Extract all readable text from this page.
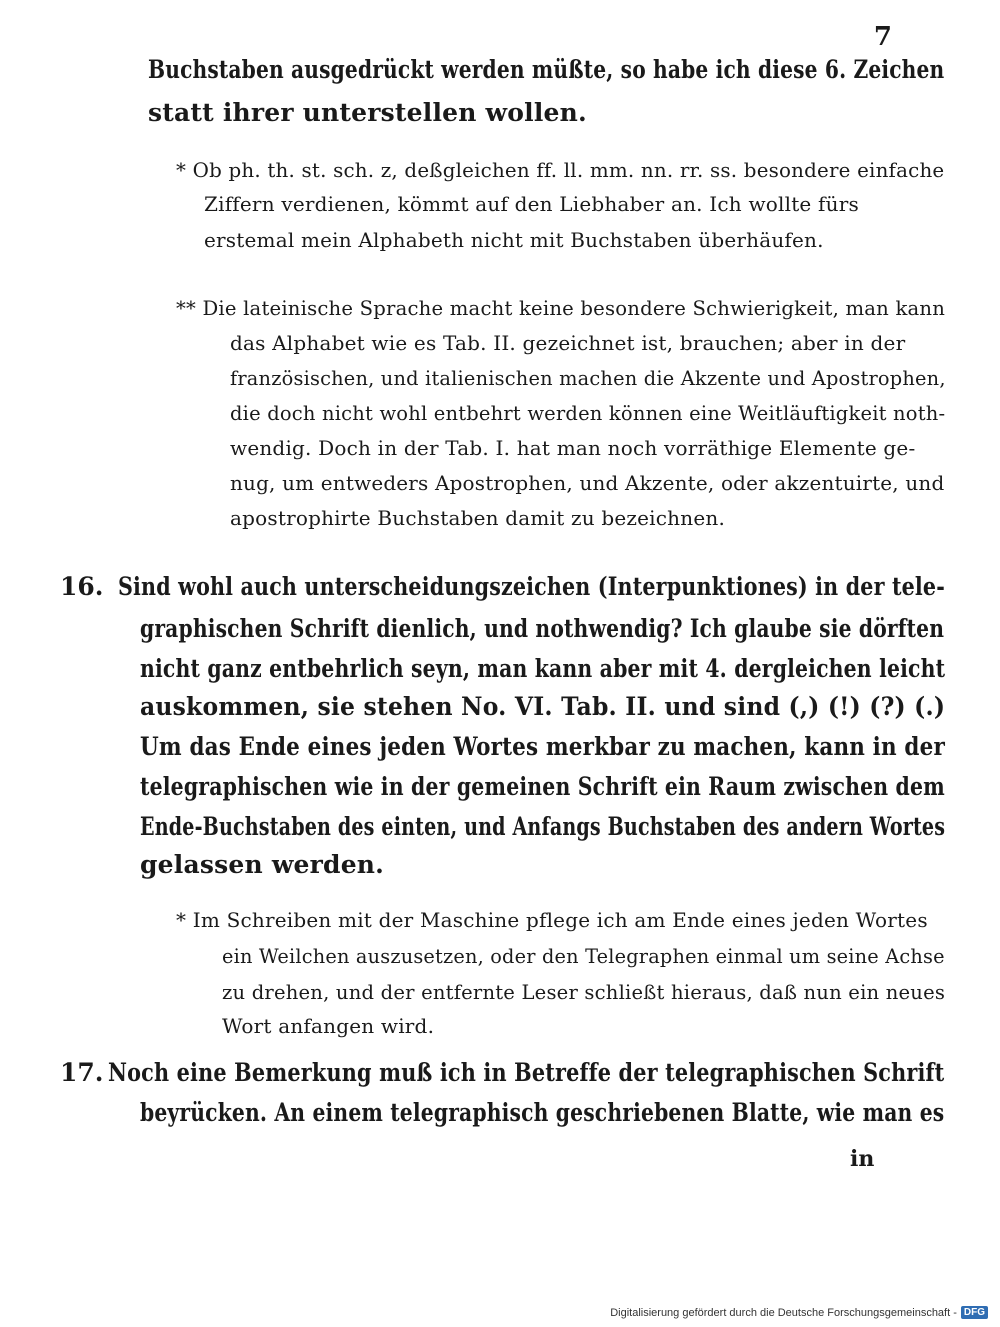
7
Buchstaben ausgedrückt werden müßte, so habe ich diese 6. Zeichen
statt ihrer unterstellen wollen.
* Ob ph. th. st. sch. z, deßgleichen ff. ll. mm. nn. rr. ss. besondere einfache
Ziffern verdienen, kömmt auf den Liebhaber an. Ich wollte fürs
erstemal mein Alphabeth nicht mit Buchstaben überhäufen.
** Die lateinische Sprache macht keine besondere Schwierigkeit, man kann
das Alphabet wie es Tab. II. gezeichnet ist, brauchen; aber in der
französischen, und italienischen machen die Akzente und Apostrophen,
die doch nicht wohl entbehrt werden können eine Weitläuftigkeit noth-
wendig. Doch in der Tab. I. hat man noch vorräthige Elemente ge-
nug, um entweders Apostrophen, und Akzente, oder akzentuirte, und
apostrophirte Buchstaben damit zu bezeichnen.
16. Sind wohl auch unterscheidungszeichen (Interpunktiones) in der tele-
graphischen Schrift dienlich, und nothwendig? Ich glaube sie dörften
nicht ganz entbehrlich seyn, man kann aber mit 4. dergleichen leicht
auskommen, sie stehen No. VI. Tab. II. und sind (,) (!) (?) (.)
Um das Ende eines jeden Wortes merkbar zu machen, kann in der
telegraphischen wie in der gemeinen Schrift ein Raum zwischen dem
Ende-Buchstaben des einten, und Anfangs Buchstaben des andern Wortes
gelassen werden.
* Im Schreiben mit der Maschine pflege ich am Ende eines jeden Wortes
ein Weilchen auszusetzen, oder den Telegraphen einmal um seine Achse
zu drehen, und der entfernte Leser schließt hieraus, daß nun ein neues
Wort anfangen wird.
17. Noch eine Bemerkung muß ich in Betreffe der telegraphischen Schrift
beyrücken. An einem telegraphisch geschriebenen Blatte, wie man es
in
Digitalisierung gefördert durch die Deutsche Forschungsgemeinschaft - DFG
